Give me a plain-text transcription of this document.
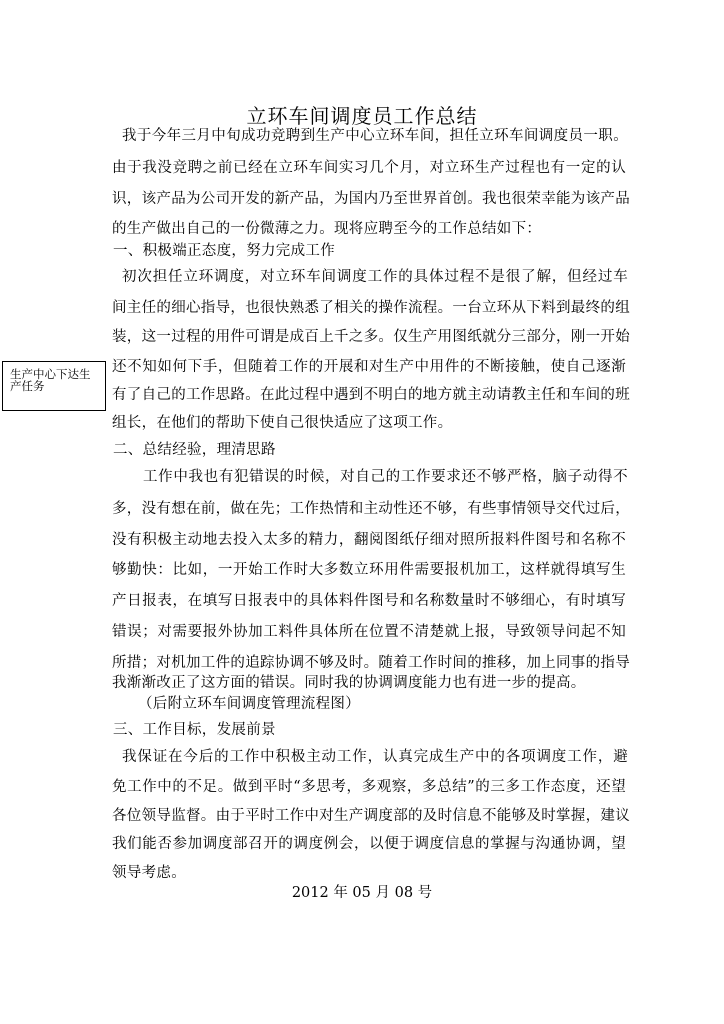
立环车间调度员工作总结
我于今年三月中旬成功竞聘到生产中心立环车间，担任立环车间调度员一职。
由于我没竞聘之前已经在立环车间实习几个月，对立环生产过程也有一定的认
识，该产品为公司开发的新产品，为国内乃至世界首创。我也很荣幸能为该产品
的生产做出自己的一份微薄之力。现将应聘至今的工作总结如下：
一、积极端正态度，努力完成工作
初次担任立环调度，对立环车间调度工作的具体过程不是很了解，但经过车
间主任的细心指导，也很快熟悉了相关的操作流程。一台立环从下料到最终的组
装，这一过程的用件可谓是成百上千之多。仅生产用图纸就分三部分，刚一开始
还不知如何下手，但随着工作的开展和对生产中用件的不断接触，使自己逐渐
有了自己的工作思路。在此过程中遇到不明白的地方就主动请教主任和车间的班
组长，在他们的帮助下使自己很快适应了这项工作。
二、总结经验，理清思路
工作中我也有犯错误的时候，对自己的工作要求还不够严格，脑子动得不
多，没有想在前，做在先；工作热情和主动性还不够，有些事情领导交代过后，
没有积极主动地去投入太多的精力，翻阅图纸仔细对照所报料件图号和名称不
够勤快：比如，一开始工作时大多数立环用件需要报机加工，这样就得填写生
产日报表，在填写日报表中的具体料件图号和名称数量时不够细心，有时填写
错误；对需要报外协加工料件具体所在位置不清楚就上报，导致领导问起不知
所措；对机加工件的追踪协调不够及时。随着工作时间的推移，加上同事的指导
我渐渐改正了这方面的错误。同时我的协调调度能力也有进一步的提高。
（后附立环车间调度管理流程图）
三、工作目标，发展前景
我保证在今后的工作中积极主动工作，认真完成生产中的各项调度工作，避
免工作中的不足。做到平时“多思考，多观察，多总结”的三多工作态度，还望
各位领导监督。由于平时工作中对生产调度部的及时信息不能够及时掌握，建议
我们能否参加调度部召开的调度例会，以便于调度信息的掌握与沟通协调，望
领导考虑。
2012 年 05 月 08 号
生产中心下达生产任务
